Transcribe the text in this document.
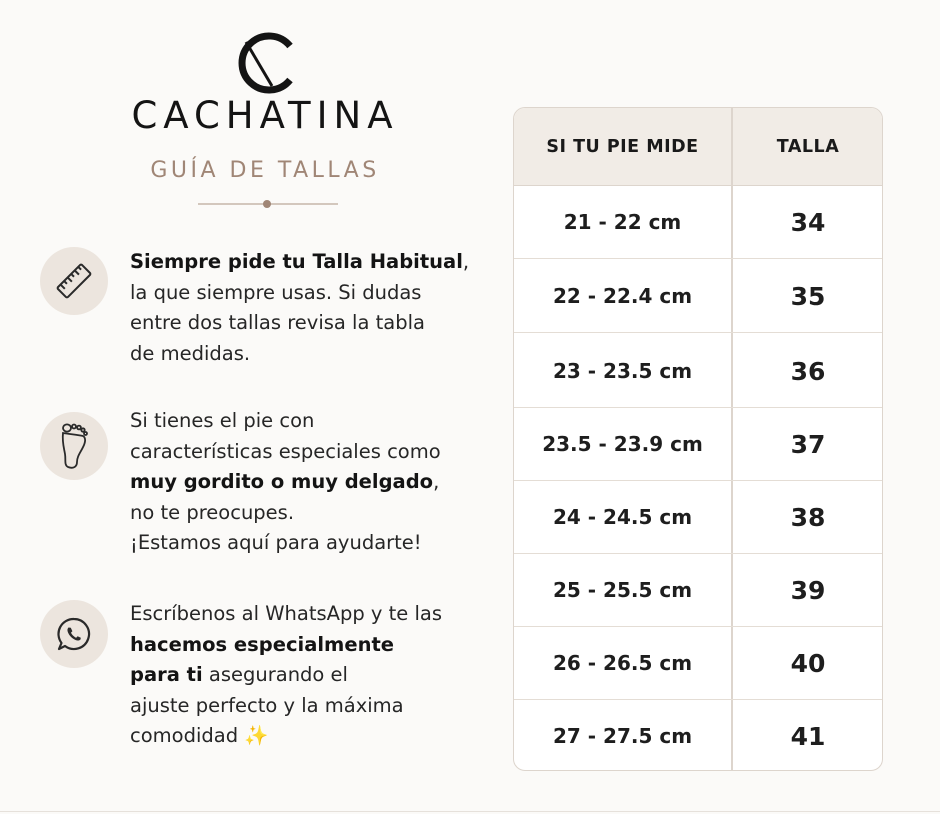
CACHATINA
GUÍA DE TALLAS
Siempre pide tu Talla Habitual,
la que siempre usas. Si dudas
entre dos tallas revisa la tabla
de medidas.
Si tienes el pie con
características especiales como
muy gordito o muy delgado,
no te preocupes.
¡Estamos aquí para ayudarte!
Escríbenos al WhatsApp y te las
hacemos especialmente
para ti asegurando el
ajuste perfecto y la máxima
comodidad ✨
SI TU PIE MIDE	TALLA
21 - 22 cm	34
22 - 22.4 cm	35
23 - 23.5 cm	36
23.5 - 23.9 cm	37
24 - 24.5 cm	38
25 - 25.5 cm	39
26 - 26.5 cm	40
27 - 27.5 cm	41
